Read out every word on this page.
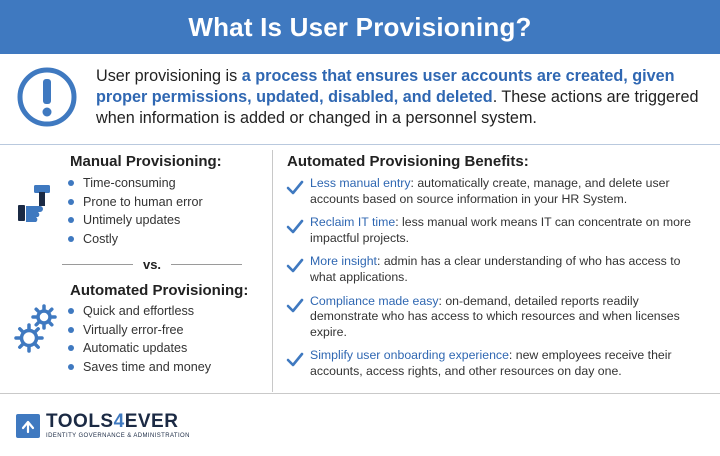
What Is User Provisioning?
User provisioning is a process that ensures user accounts are created, given proper permissions, updated, disabled, and deleted. These actions are triggered when information is added or changed in a personnel system.
Manual Provisioning:
Time-consuming
Prone to human error
Untimely updates
Costly
vs.
Automated Provisioning:
Quick and effortless
Virtually error-free
Automatic updates
Saves time and money
Automated Provisioning Benefits:
Less manual entry: automatically create, manage, and delete user accounts based on source information in your HR System.
Reclaim IT time: less manual work means IT can concentrate on more impactful projects.
More insight: admin has a clear understanding of who has access to what applications.
Compliance made easy: on-demand, detailed reports readily demonstrate who has access to which resources and when licenses expire.
Simplify user onboarding experience: new employees receive their accounts, access rights, and other resources on day one.
TOOLS4EVER
IDENTITY GOVERNANCE & ADMINISTRATION
